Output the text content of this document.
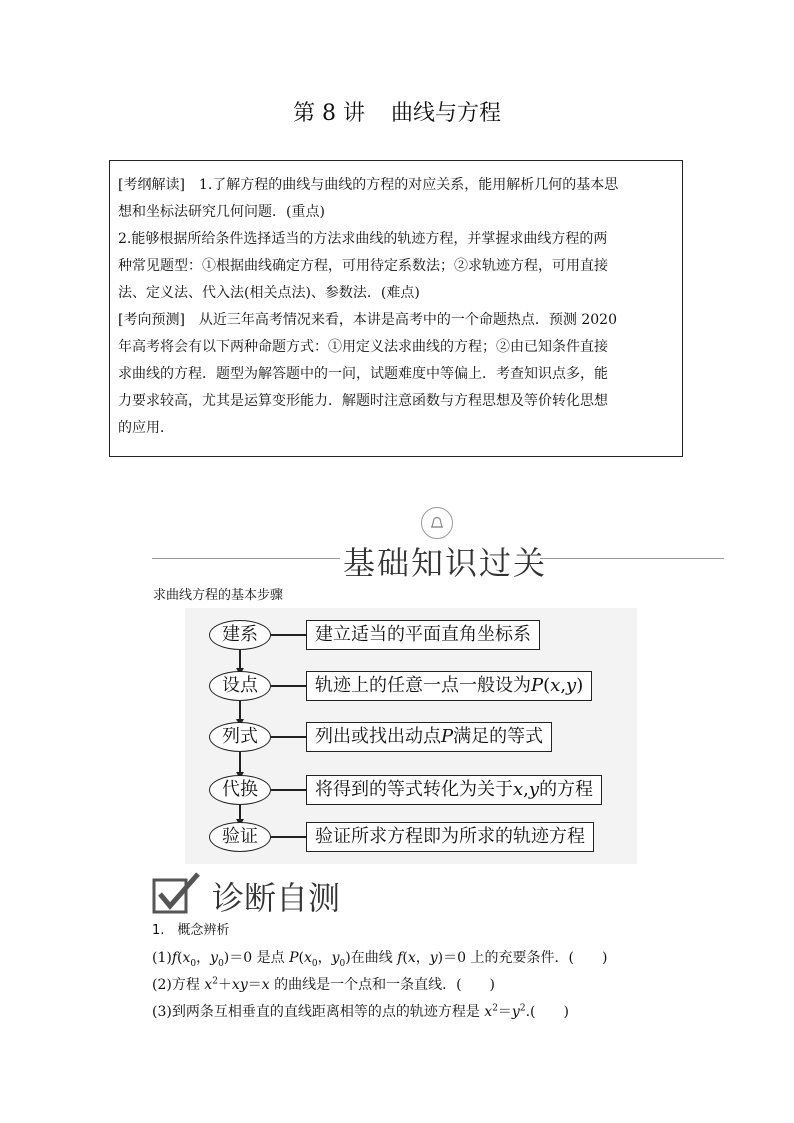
第 8 讲 曲线与方程

[考纲解读]　1.了解方程的曲线与曲线的方程的对应关系，能用解析几何的基本思

想和坐标法研究几何问题．(重点)

2.能够根据所给条件选择适当的方法求曲线的轨迹方程，并掌握求曲线方程的两

种常见题型：①根据曲线确定方程，可用待定系数法；②求轨迹方程，可用直接

法、定义法、代入法(相关点法)、参数法．(难点)

[考向预测]　从近三年高考情况来看，本讲是高考中的一个命题热点．预测 2020

年高考将会有以下两种命题方式：①用定义法求曲线的方程；②由已知条件直接

求曲线的方程．题型为解答题中的一问，试题难度中等偏上．考查知识点多，能

力要求较高，尤其是运算变形能力．解题时注意函数与方程思想及等价转化思想

的应用．

基础知识过关
求曲线方程的基本步骤
建系	建立适当的平面直角坐标系
设点	轨迹上的任意一点一般设为P(x,y)
列式	列出或找出动点P满足的等式
代换	将得到的等式转化为关于x,y的方程
验证	验证所求方程即为所求的轨迹方程
诊断自测
1.　概念辨析
$(1)f(x_0$，$y_0)=0$ 是点 $P(x_0$，$y_0$)在曲线 f(x，y)＝0 上的充要条件．(　　)
(2)方程 $x^2+xy=x$ 的曲线是一个点和一条直线．(　　)
(3)到两条互相垂直的直线距离相等的点的轨迹方程是 $x^2=y^2$.(　　)
